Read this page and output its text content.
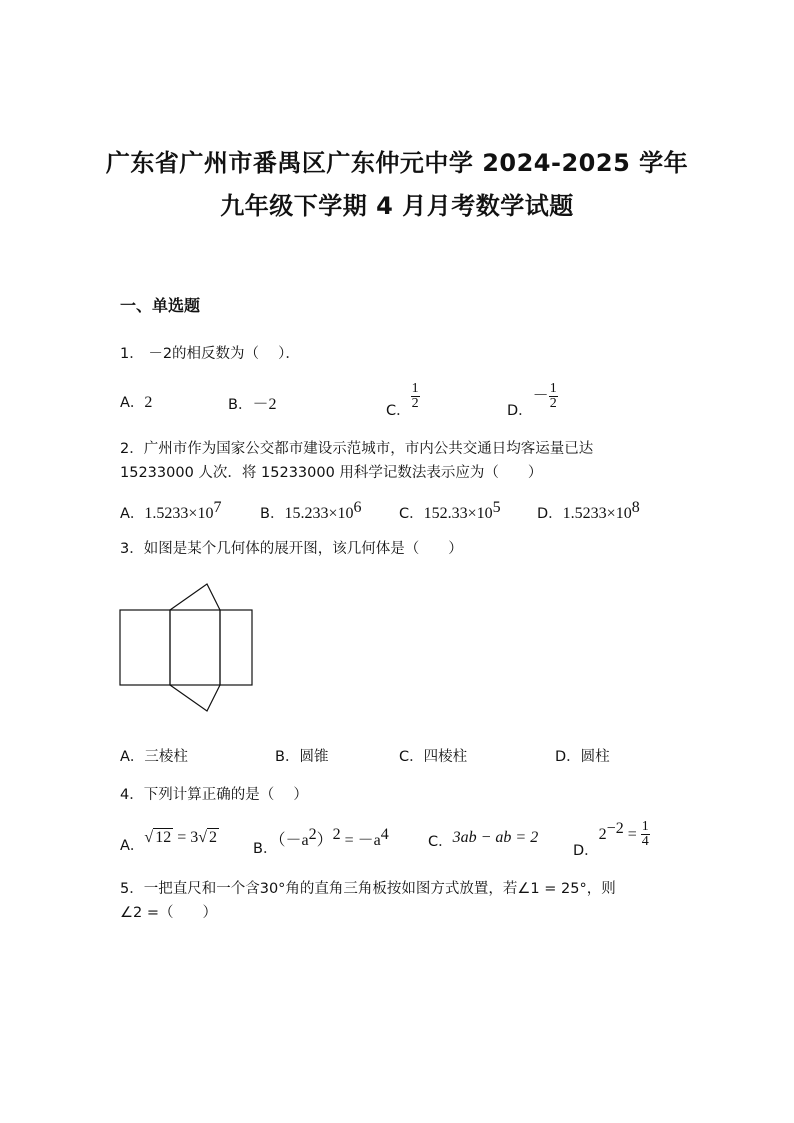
广东省广州市番禺区广东仲元中学 2024-2025 学年
九年级下学期 4 月月考数学试题
一、单选题
1． －2的相反数为（　 ）．
A．2	B．－2	C． $\frac{1}{2}$	D．－ $\frac{1}{2}$
2．广州市作为国家公交都市建设示范城市，市内公共交通日均客运量已达
15233000 人次．将 15233000 用科学记数法表示应为（　　）
A．$1.5233\times 10^7$	B．$15.233\times 10^6$	C．$152.33\times 10^5$	D．$1.5233\times 10^8$
3．如图是某个几何体的展开图，该几何体是（　　）
A．三棱柱	B．圆锥	C．四棱柱	D．圆柱
4．下列计算正确的是（　 ）
A．√ 12 = 3√ 2
B．$(-a^2)^2 = -a^4$	C．3ab − ab = 2
D．$2^{-2} = \frac{1}{4}$
5．一把直尺和一个含30°角的直角三角板按如图方式放置，若∠1 = 25°，则
∠2 =（　　）
